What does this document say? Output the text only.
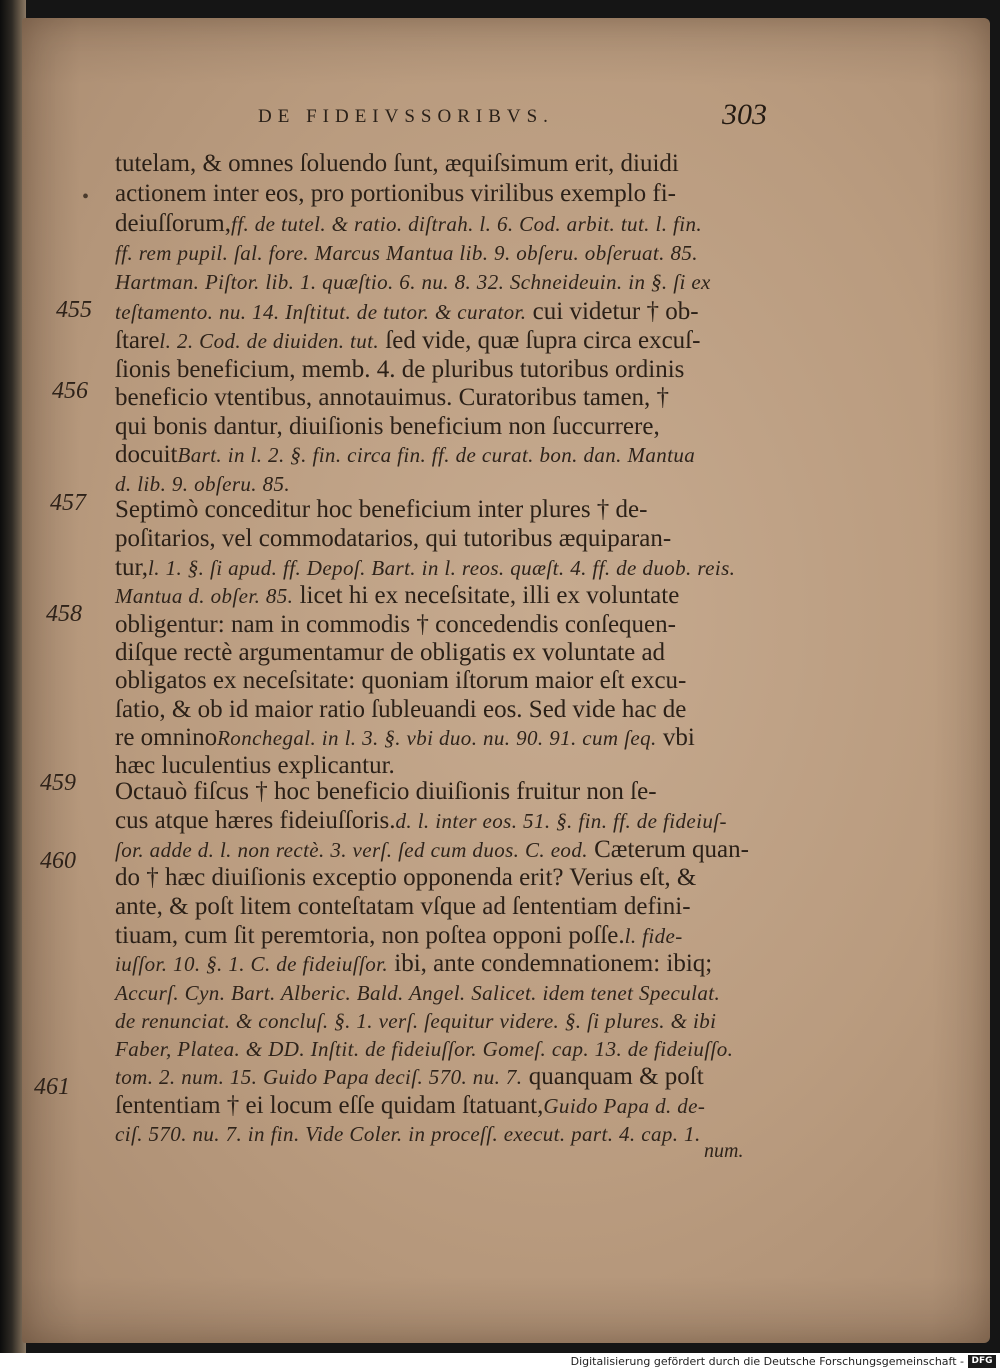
DE FIDEIVSSORIBVS.	303
•
455
456
457
458
459
460
461
tutelam, & omnes ſoluendo ſunt, æquiſsimum erit, diuidi
actionem inter eos, pro portionibus virilibus exemplo fi-
deiuſſorum,ff. de tutel. & ratio. diſtrah. l. 6. Cod. arbit. tut. l. fin.
ff. rem pupil. ſal. fore. Marcus Mantua lib. 9. obſeru. obſeruat. 85.
Hartman. Piſtor. lib. 1. quæſtio. 6. nu. 8. 32. Schneideuin. in §. ſi ex
teſtamento. nu. 14. Inſtitut. de tutor. & curator. cui videtur † ob-
ſtarel. 2. Cod. de diuiden. tut. ſed vide, quæ ſupra circa excuſ-
ſionis beneficium, memb. 4. de pluribus tutoribus ordinis
beneficio vtentibus, annotauimus. Curatoribus tamen, †
qui bonis dantur, diuiſionis beneficium non ſuccurrere,
docuitBart. in l. 2. §. fin. circa fin. ff. de curat. bon. dan. Mantua
d. lib. 9. obſeru. 85.
Septimò conceditur hoc beneficium inter plures † de-
poſitarios, vel commodatarios, qui tutoribus æquiparan-
tur,l. 1. §. ſi apud. ff. Depoſ. Bart. in l. reos. quæſt. 4. ff. de duob. reis.
Mantua d. obſer. 85. licet hi ex neceſsitate, illi ex voluntate
obligentur: nam in commodis † concedendis conſequen-
diſque rectè argumentamur de obligatis ex voluntate ad
obligatos ex neceſsitate: quoniam iſtorum maior eſt excu-
ſatio, & ob id maior ratio ſubleuandi eos. Sed vide hac de
re omninoRonchegal. in l. 3. §. vbi duo. nu. 90. 91. cum ſeq. vbi
hæc luculentius explicantur.
Octauò fiſcus † hoc beneficio diuiſionis fruitur non ſe-
cus atque hæres fideiuſſoris.d. l. inter eos. 51. §. fin. ff. de fideiuſ-
ſor. adde d. l. non rectè. 3. verſ. ſed cum duos. C. eod. Cæterum quan-
do † hæc diuiſionis exceptio opponenda erit? Verius eſt, &
ante, & poſt litem conteſtatam vſque ad ſententiam defini-
tiuam, cum ſit peremtoria, non poſtea opponi poſſe.l. fide-
iuſſor. 10. §. 1. C. de fideiuſſor. ibi, ante condemnationem: ibiq;
Accurſ. Cyn. Bart. Alberic. Bald. Angel. Salicet. idem tenet Speculat.
de renunciat. & concluſ. §. 1. verſ. ſequitur videre. §. ſi plures. & ibi
Faber, Platea. & DD. Inſtit. de fideiuſſor. Gomeſ. cap. 13. de fideiuſſo.
tom. 2. num. 15. Guido Papa deciſ. 570. nu. 7. quanquam & poſt
ſententiam † ei locum eſſe quidam ſtatuant,Guido Papa d. de-
ciſ. 570. nu. 7. in fin. Vide Coler. in proceſſ. execut. part. 4. cap. 1.
num.
Digitalisierung gefördert durch die Deutsche Forschungsgemeinschaft - DFG
